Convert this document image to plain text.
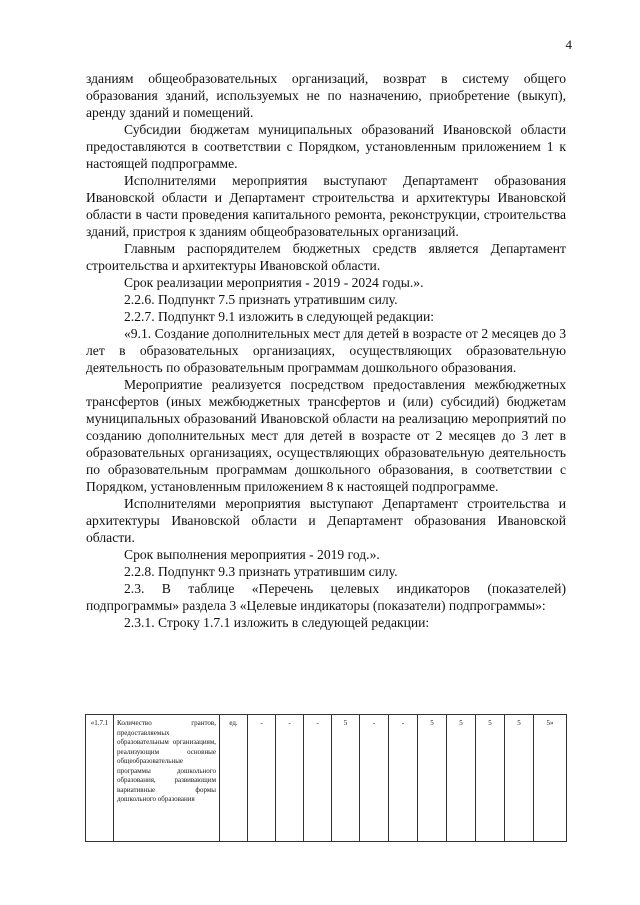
4

зданиям общеобразовательных организаций, возврат в систему общего образования зданий, используемых не по назначению, приобретение (выкуп), аренду зданий и помещений.

Субсидии бюджетам муниципальных образований Ивановской области предоставляются в соответствии с Порядком, установленным приложением 1 к настоящей подпрограмме.

Исполнителями мероприятия выступают Департамент образования Ивановской области и Департамент строительства и архитектуры Ивановской области в части проведения капитального ремонта, реконструкции, строительства зданий, пристроя к зданиям общеобразовательных организаций.

Главным распорядителем бюджетных средств является Департамент строительства и архитектуры Ивановской области.

Срок реализации мероприятия - 2019 - 2024 годы.».

2.2.6. Подпункт 7.5 признать утратившим силу.

2.2.7. Подпункт 9.1 изложить в следующей редакции:

«9.1. Создание дополнительных мест для детей в возрасте от 2 месяцев до 3 лет в образовательных организациях, осуществляющих образовательную деятельность по образовательным программам дошкольного образования.

Мероприятие реализуется посредством предоставления межбюджетных трансфертов (иных межбюджетных трансфертов и (или) субсидий) бюджетам муниципальных образований Ивановской области на реализацию мероприятий по созданию дополнительных мест для детей в возрасте от 2 месяцев до 3 лет в образовательных организациях, осуществляющих образовательную деятельность по образовательным программам дошкольного образования, в соответствии с Порядком, установленным приложением 8 к настоящей подпрограмме.

Исполнителями мероприятия выступают Департамент строительства и архитектуры Ивановской области и Департамент образования Ивановской области.

Срок выполнения мероприятия - 2019 год.».

2.2.8. Подпункт 9.3 признать утратившим силу.

2.3. В таблице «Перечень целевых индикаторов (показателей) подпрограммы» раздела 3 «Целевые индикаторы (показатели) подпрограммы»:

2.3.1. Строку 1.7.1 изложить в следующей редакции:

«1.7.1	Количество грантов, предоставляемых образовательным организациям, реализующим основные общеобразовательные программы дошкольного образования, развивающим вариативные формы дошкольного образования	ед.	-	-	-	5	-	-	5	5	5	5	5»
